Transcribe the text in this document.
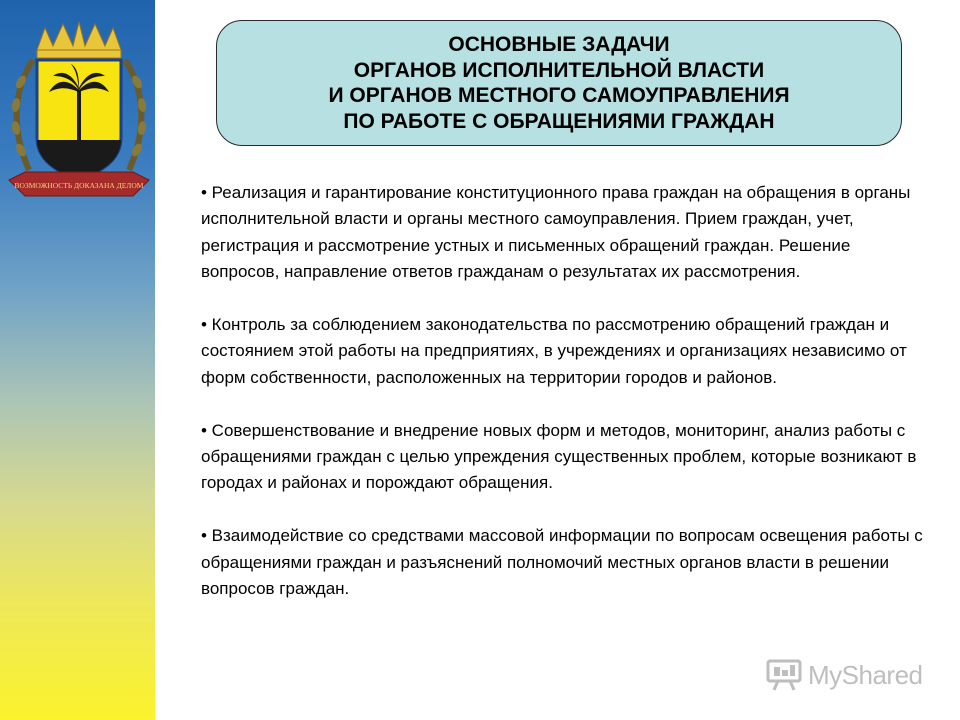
ВОЗМОЖНОСТЬ ДОКАЗАНА ДЕЛОМ
ОСНОВНЫЕ ЗАДАЧИ
ОРГАНОВ ИСПОЛНИТЕЛЬНОЙ ВЛАСТИ
И ОРГАНОВ МЕСТНОГО САМОУПРАВЛЕНИЯ
ПО РАБОТЕ С ОБРАЩЕНИЯМИ ГРАЖДАН

• Реализация и гарантирование конституционного права граждан на обращения в органы исполнительной власти и органы местного самоуправления. Прием граждан, учет, регистрация и рассмотрение устных и письменных обращений граждан. Решение вопросов, направление ответов гражданам о результатах их рассмотрения.

• Контроль за соблюдением законодательства по рассмотрению обращений граждан и состоянием этой работы на предприятиях, в учреждениях и организациях независимо от форм собственности, расположенных на территории городов и районов.

• Совершенствование и внедрение новых форм и методов, мониторинг, анализ работы с обращениями граждан с целью упреждения существенных проблем, которые возникают в городах и районах и порождают обращения.

• Взаимодействие со средствами массовой информации по вопросам освещения работы с обращениями граждан и разъяснений полномочий местных органов власти в решении вопросов граждан.

MyShared
